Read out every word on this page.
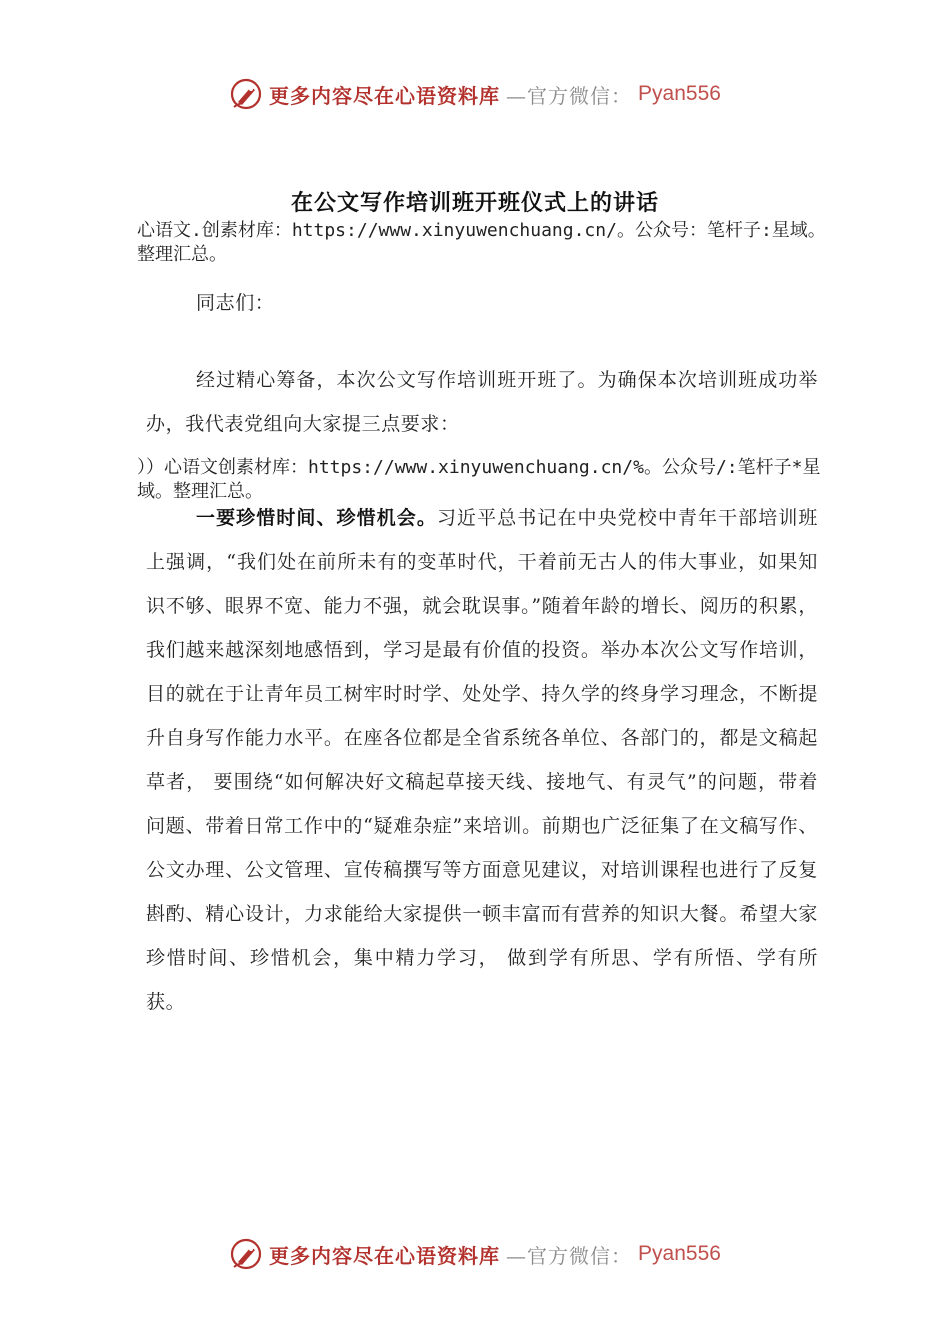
更多内容尽在心语资料库 —官方微信： Pyan556
在公文写作培训班开班仪式上的讲话

心语文.创素材库：https://www.xinyuwenchuang.cn/。公众号：笔杆子:星域。整理汇总。

同志们：

经过精心筹备，本次公文写作培训班开班了。为确保本次培训班成功举办，我代表党组向大家提三点要求：

））心语文创素材库：https://www.xinyuwenchuang.cn/%。公众号/:笔杆子*星域。整理汇总。

一要珍惜时间、珍惜机会。习近平总书记在中央党校中青年干部培训班上强调，“我们处在前所未有的变革时代，干着前无古人的伟大事业，如果知识不够、眼界不宽、能力不强，就会耽误事。”随着年龄的增长、阅历的积累，我们越来越深刻地感悟到，学习是最有价值的投资。举办本次公文写作培训，目的就在于让青年员工树牢时时学、处处学、持久学的终身学习理念，不断提升自身写作能力水平。在座各位都是全省系统各单位、各部门的，都是文稿起草者， 要围绕“如何解决好文稿起草接天线、接地气、有灵气”的问题，带着问题、带着日常工作中的“疑难杂症”来培训。前期也广泛征集了在文稿写作、公文办理、公文管理、宣传稿撰写等方面意见建议，对培训课程也进行了反复斟酌、精心设计，力求能给大家提供一顿丰富而有营养的知识大餐。希望大家珍惜时间、珍惜机会，集中精力学习， 做到学有所思、学有所悟、学有所获。

更多内容尽在心语资料库 —官方微信： Pyan556
